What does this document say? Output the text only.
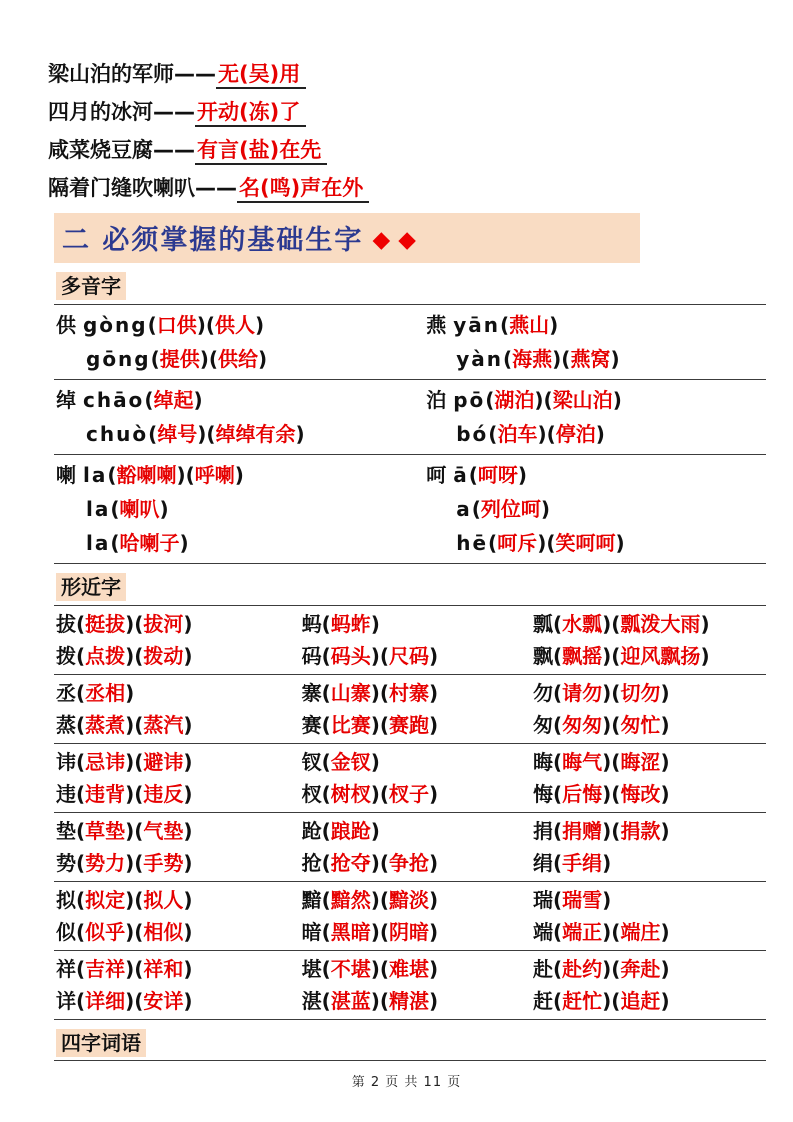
梁山泊的军师——无(吴)用
四月的冰河——开动(冻)了
咸菜烧豆腐——有言(盐)在先
隔着门缝吹喇叭——名(鸣)声在外
二 必须掌握的基础生字 ◆ ◆
多音字
供 gòng(口供)(供人)
gōng(提供)(供给)
燕 yān(燕山)
yàn(海燕)(燕窝)
绰 chāo(绰起)
chuò(绰号)(绰绰有余)
泊 pō(湖泊)(梁山泊)
bó(泊车)(停泊)
喇 la(豁喇喇)(呼喇)
la(喇叭)
la(哈喇子)
呵 ā(呵呀)
a(列位呵)
hē(呵斥)(笑呵呵)
形近字
拔(挺拔)(拔河)
拨(点拨)(拨动)
蚂(蚂蚱)
码(码头)(尺码)
瓢(水瓢)(瓢泼大雨)
飘(飘摇)(迎风飘扬)
丞(丞相)
蒸(蒸煮)(蒸汽)
寨(山寨)(村寨)
赛(比赛)(赛跑)
勿(请勿)(切勿)
匆(匆匆)(匆忙)
讳(忌讳)(避讳)
违(违背)(违反)
钗(金钗)
杈(树杈)(杈子)
晦(晦气)(晦涩)
悔(后悔)(悔改)
垫(草垫)(气垫)
势(势力)(手势)
跄(踉跄)
抢(抢夺)(争抢)
捐(捐赠)(捐款)
绢(手绢)
拟(拟定)(拟人)
似(似乎)(相似)
黯(黯然)(黯淡)
暗(黑暗)(阴暗)
瑞(瑞雪)
端(端正)(端庄)
祥(吉祥)(祥和)
详(详细)(安详)
堪(不堪)(难堪)
湛(湛蓝)(精湛)
赴(赴约)(奔赴)
赶(赶忙)(追赶)
四字词语
第 2 页 共 11 页
